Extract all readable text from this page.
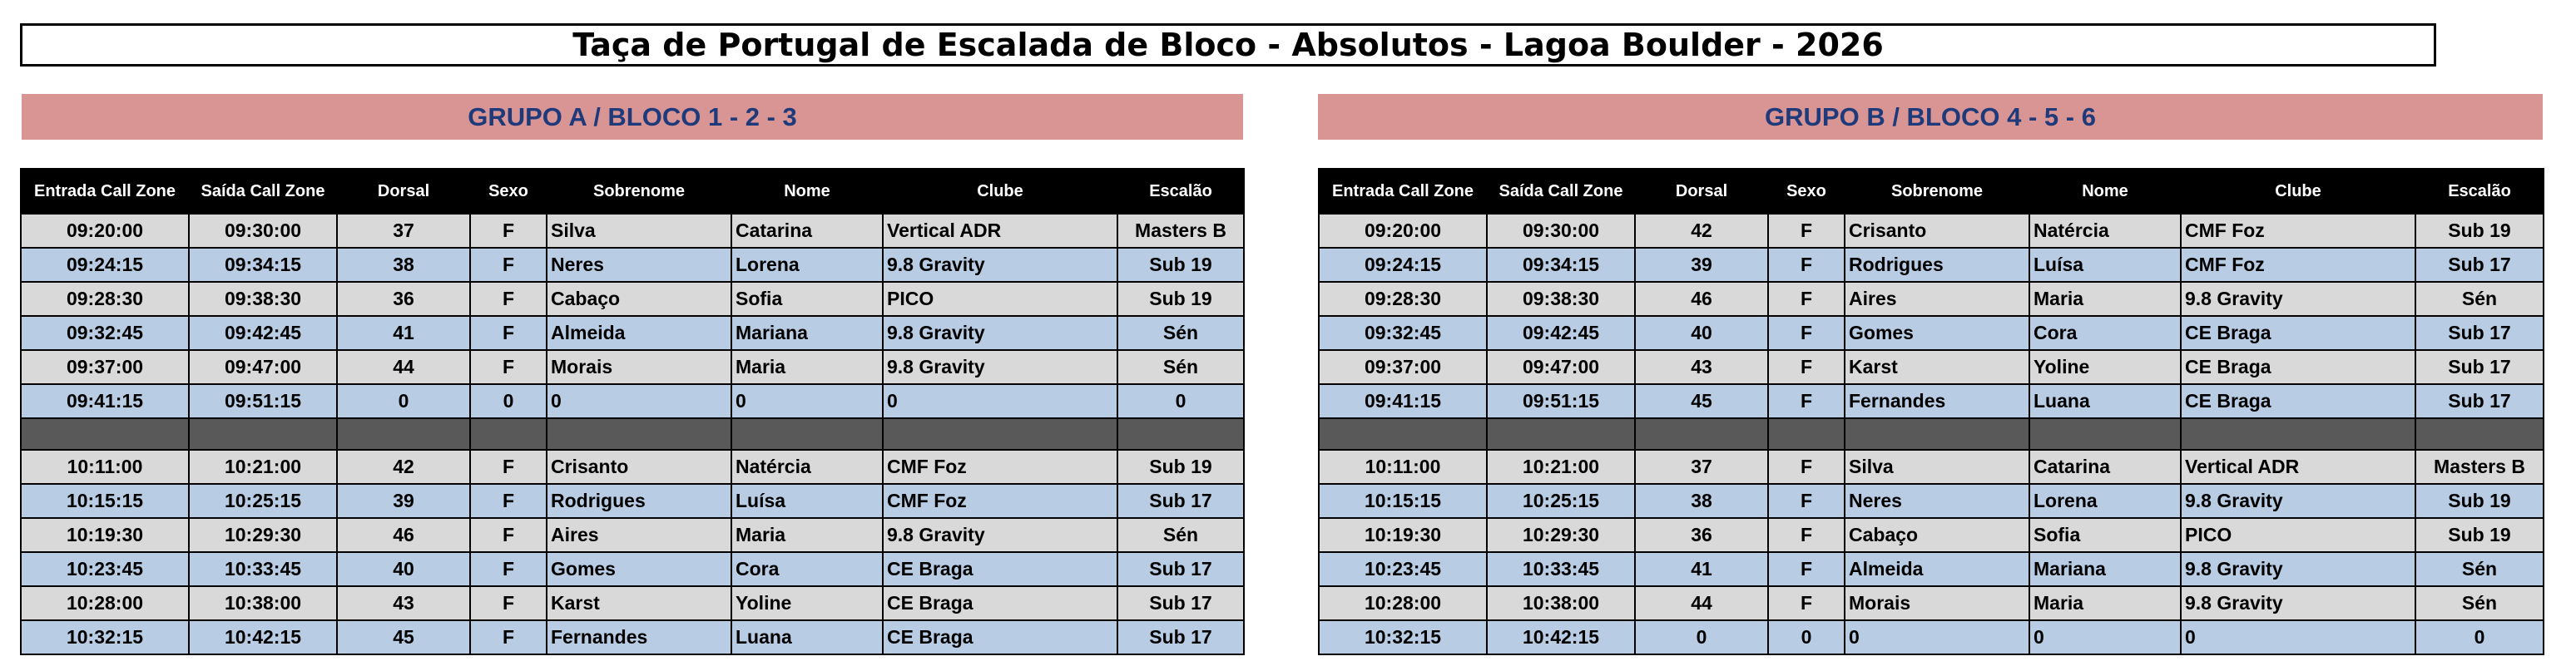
Taça de Portugal de Escalada de Bloco - Absolutos - Lagoa Boulder - 2026
GRUPO A / BLOCO 1 - 2 - 3	GRUPO B / BLOCO 4 - 5 - 6
Entrada Call Zone	Saída Call Zone	Dorsal	Sexo	Sobrenome	Nome	Clube	Escalão
09:20:00	09:30:00	37	F	Silva	Catarina	Vertical ADR	Masters B
09:24:15	09:34:15	38	F	Neres	Lorena	9.8 Gravity	Sub 19
09:28:30	09:38:30	36	F	Cabaço	Sofia	PICO	Sub 19
09:32:45	09:42:45	41	F	Almeida	Mariana	9.8 Gravity	Sén
09:37:00	09:47:00	44	F	Morais	Maria	9.8 Gravity	Sén
09:41:15	09:51:15	0	0	0	0	0	0

10:11:00	10:21:00	42	F	Crisanto	Natércia	CMF Foz	Sub 19
10:15:15	10:25:15	39	F	Rodrigues	Luísa	CMF Foz	Sub 17
10:19:30	10:29:30	46	F	Aires	Maria	9.8 Gravity	Sén
10:23:45	10:33:45	40	F	Gomes	Cora	CE Braga	Sub 17
10:28:00	10:38:00	43	F	Karst	Yoline	CE Braga	Sub 17
10:32:15	10:42:15	45	F	Fernandes	Luana	CE Braga	Sub 17
Entrada Call Zone	Saída Call Zone	Dorsal	Sexo	Sobrenome	Nome	Clube	Escalão
09:20:00	09:30:00	42	F	Crisanto	Natércia	CMF Foz	Sub 19
09:24:15	09:34:15	39	F	Rodrigues	Luísa	CMF Foz	Sub 17
09:28:30	09:38:30	46	F	Aires	Maria	9.8 Gravity	Sén
09:32:45	09:42:45	40	F	Gomes	Cora	CE Braga	Sub 17
09:37:00	09:47:00	43	F	Karst	Yoline	CE Braga	Sub 17
09:41:15	09:51:15	45	F	Fernandes	Luana	CE Braga	Sub 17

10:11:00	10:21:00	37	F	Silva	Catarina	Vertical ADR	Masters B
10:15:15	10:25:15	38	F	Neres	Lorena	9.8 Gravity	Sub 19
10:19:30	10:29:30	36	F	Cabaço	Sofia	PICO	Sub 19
10:23:45	10:33:45	41	F	Almeida	Mariana	9.8 Gravity	Sén
10:28:00	10:38:00	44	F	Morais	Maria	9.8 Gravity	Sén
10:32:15	10:42:15	0	0	0	0	0	0
